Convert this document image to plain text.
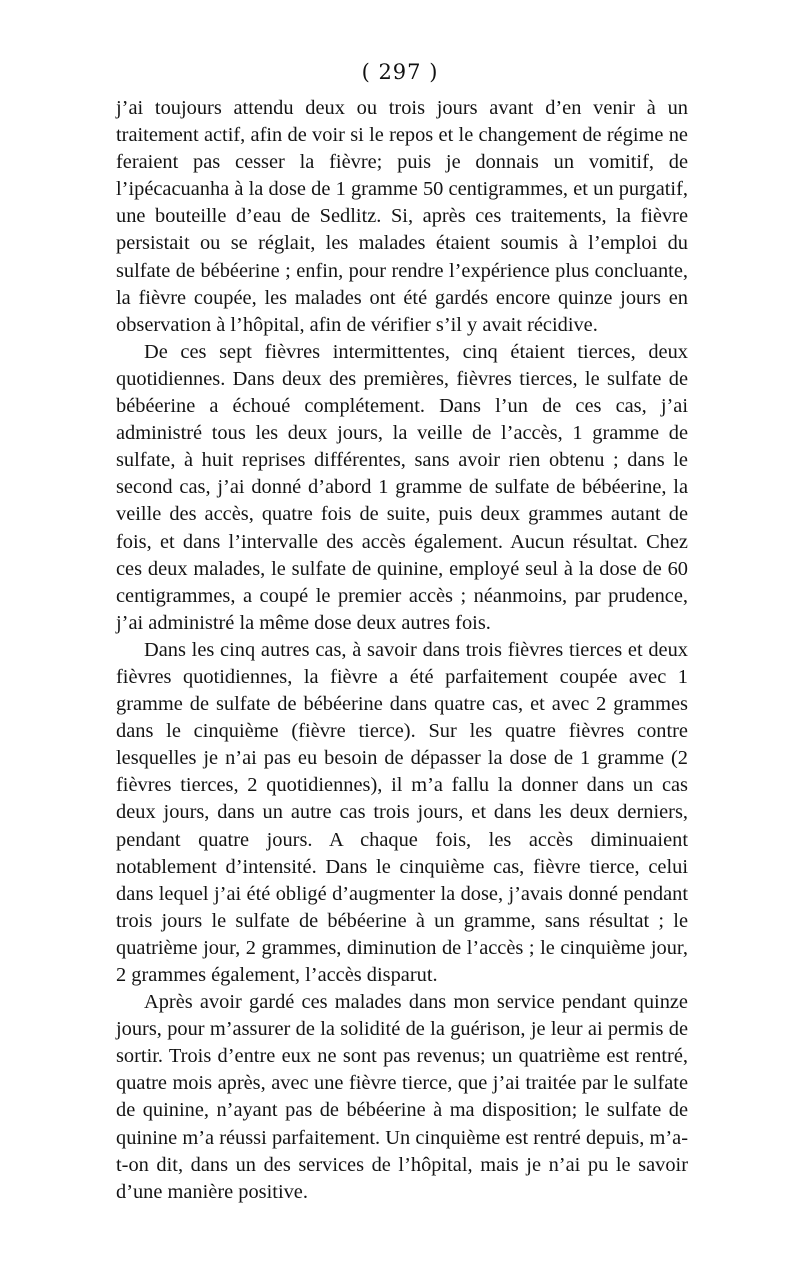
( 297 )

j’ai toujours attendu deux ou trois jours avant d’en venir à un traitement actif, afin de voir si le repos et le changement de régime ne feraient pas cesser la fièvre; puis je donnais un vomitif, de l’ipécacuanha à la dose de 1 gramme 50 centigrammes, et un purgatif, une bouteille d’eau de Sedlitz. Si, après ces traitements, la fièvre persistait ou se réglait, les malades étaient soumis à l’emploi du sulfate de bébéerine ; enfin, pour rendre l’expérience plus concluante, la fièvre coupée, les malades ont été gardés encore quinze jours en observation à l’hôpital, afin de vérifier s’il y avait récidive.

De ces sept fièvres intermittentes, cinq étaient tierces, deux quotidiennes. Dans deux des premières, fièvres tierces, le sulfate de bébéerine a échoué complétement. Dans l’un de ces cas, j’ai administré tous les deux jours, la veille de l’accès, 1 gramme de sulfate, à huit reprises différentes, sans avoir rien obtenu ; dans le second cas, j’ai donné d’abord 1 gramme de sulfate de bébéerine, la veille des accès, quatre fois de suite, puis deux grammes autant de fois, et dans l’intervalle des accès également. Aucun résultat. Chez ces deux malades, le sulfate de quinine, employé seul à la dose de 60 centigrammes, a coupé le premier accès ; néanmoins, par prudence, j’ai administré la même dose deux autres fois.

Dans les cinq autres cas, à savoir dans trois fièvres tierces et deux fièvres quotidiennes, la fièvre a été parfaitement coupée avec 1 gramme de sulfate de bébéerine dans quatre cas, et avec 2 grammes dans le cinquième (fièvre tierce). Sur les quatre fièvres contre lesquelles je n’ai pas eu besoin de dépasser la dose de 1 gramme (2 fièvres tierces, 2 quotidiennes), il m’a fallu la donner dans un cas deux jours, dans un autre cas trois jours, et dans les deux derniers, pendant quatre jours. A chaque fois, les accès diminuaient notablement d’intensité. Dans le cinquième cas, fièvre tierce, celui dans lequel j’ai été obligé d’augmenter la dose, j’avais donné pendant trois jours le sulfate de bébéerine à un gramme, sans résultat ; le quatrième jour, 2 grammes, diminution de l’accès ; le cinquième jour, 2 grammes également, l’accès disparut.

Après avoir gardé ces malades dans mon service pendant quinze jours, pour m’assurer de la solidité de la guérison, je leur ai permis de sortir. Trois d’entre eux ne sont pas revenus; un quatrième est rentré, quatre mois après, avec une fièvre tierce, que j’ai traitée par le sulfate de quinine, n’ayant pas de bébéerine à ma disposition; le sulfate de quinine m’a réussi parfaitement. Un cinquième est rentré depuis, m’a-t-on dit, dans un des services de l’hôpital, mais je n’ai pu le savoir d’une manière positive.
